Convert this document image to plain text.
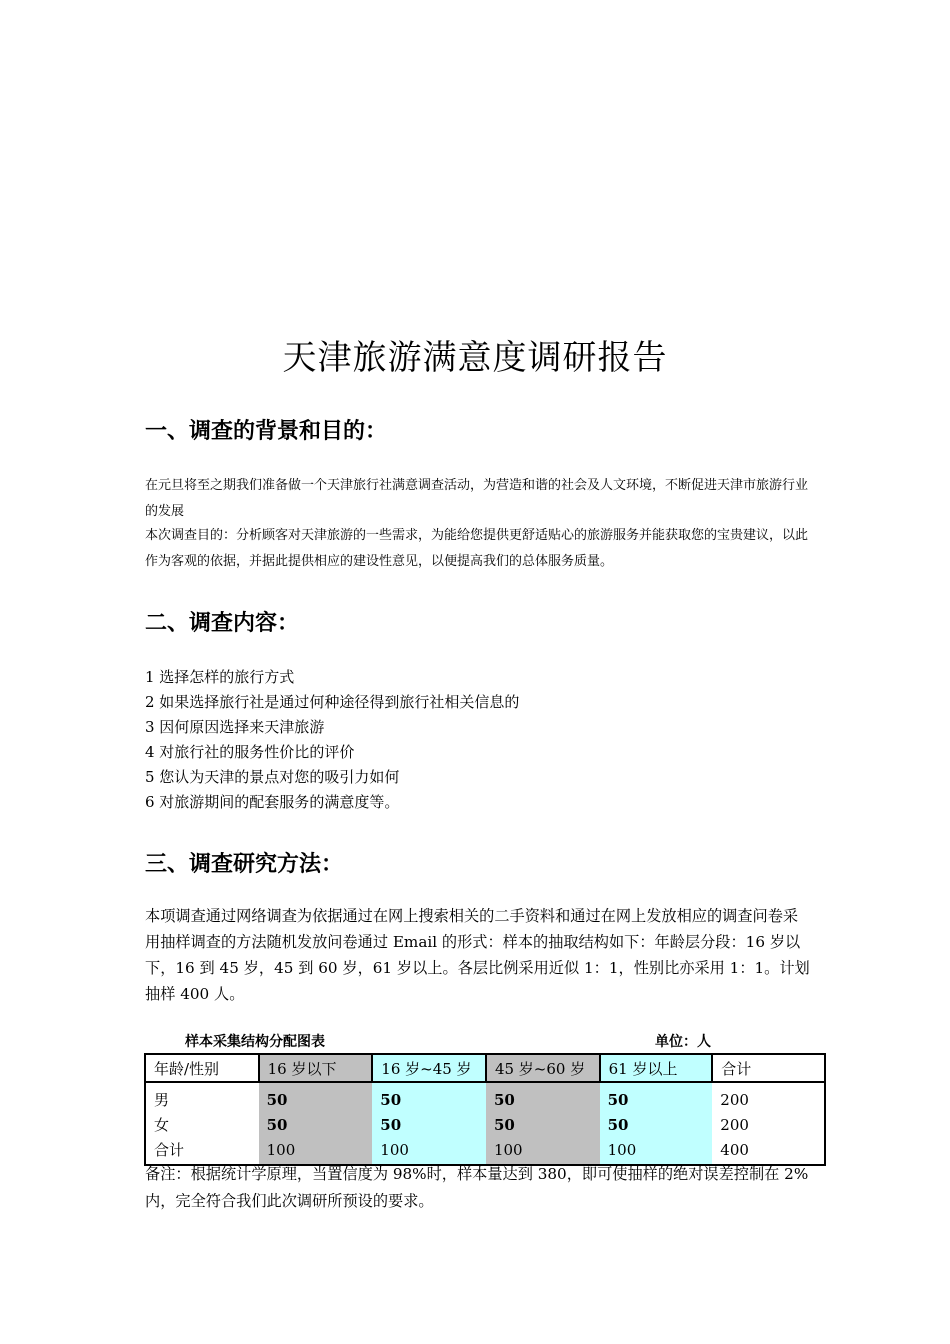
天津旅游满意度调研报告
一、调查的背景和目的：
在元旦将至之期我们准备做一个天津旅行社满意调查活动，为营造和谐的社会及人文环境，不断促进天津市旅游行业的发展
本次调查目的：分析顾客对天津旅游的一些需求，为能给您提供更舒适贴心的旅游服务并能获取您的宝贵建议，以此作为客观的依据，并据此提供相应的建设性意见，以便提高我们的总体服务质量。
二、调查内容：
1 选择怎样的旅行方式
2 如果选择旅行社是通过何种途径得到旅行社相关信息的
3 因何原因选择来天津旅游
4 对旅行社的服务性价比的评价
5 您认为天津的景点对您的吸引力如何
6 对旅游期间的配套服务的满意度等。
三、调查研究方法：
本项调查通过网络调查为依据通过在网上搜索相关的二手资料和通过在网上发放相应的调查问卷采用抽样调查的方法随机发放问卷通过 Email 的形式：样本的抽取结构如下：年龄层分段：16 岁以下，16 到 45 岁，45 到 60 岁，61 岁以上。各层比例采用近似 1：1，性别比亦采用 1：1。计划抽样 400 人。
样本采集结构分配图表	单位：人
年龄/性别	16 岁以下	16 岁~45 岁	45 岁~60 岁	61 岁以上	合计
男	50	50	50	50	200
女	50	50	50	50	200
合计	100	100	100	100	400
备注：根据统计学原理，当置信度为 98%时，样本量达到 380，即可使抽样的绝对误差控制在 2%内，完全符合我们此次调研所预设的要求。
